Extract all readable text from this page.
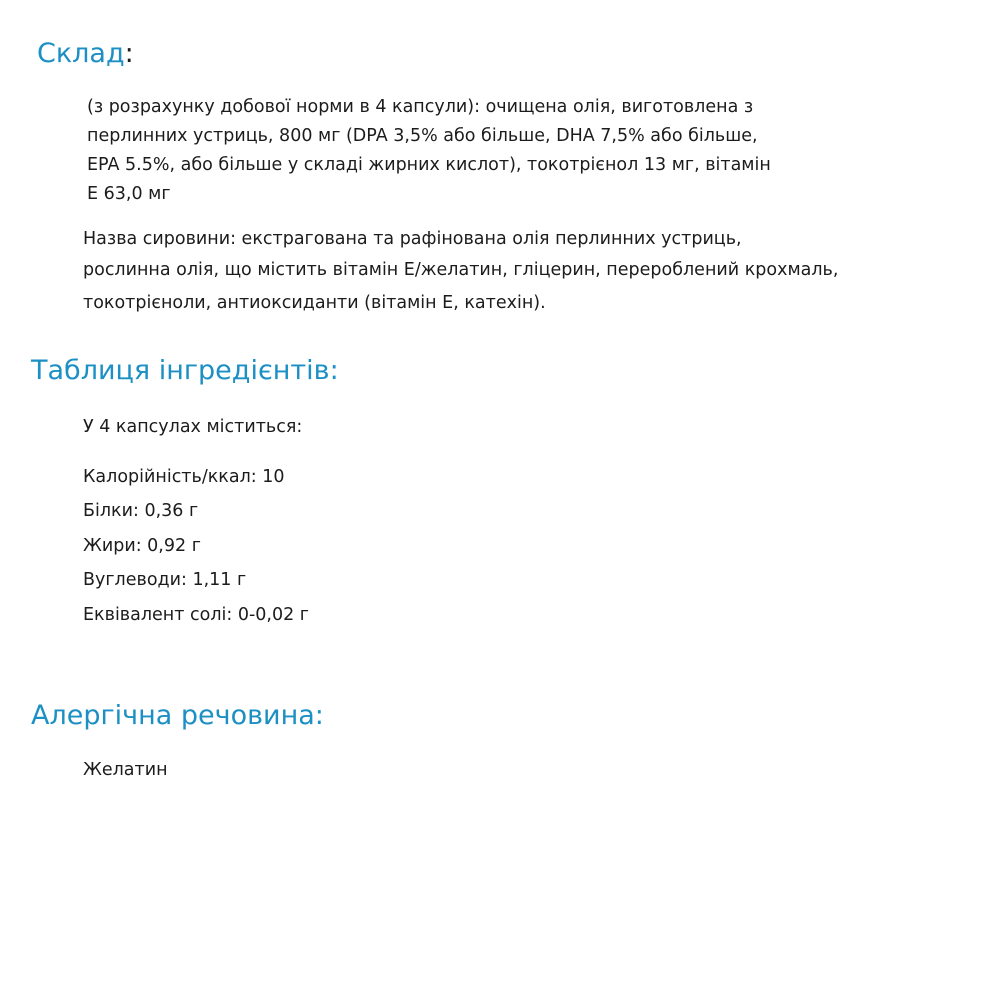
Склад:
(з розрахунку добової норми в 4 капсули): очищена олія, виготовлена з
перлинних устриць, 800 мг (DPA 3,5% або більше, DHA 7,5% або більше,
EPA 5.5%, або більше у складі жирних кислот), токотрієнол 13 мг, вітамін
E 63,0 мг
Назва сировини: екстрагована та рафінована олія перлинних устриць,
рослинна олія, що містить вітамін E/желатин, гліцерин, перероблений крохмаль,
токотрієноли, антиоксиданти (вітамін E, катехін).
Таблиця інгредієнтів:
У 4 капсулах міститься:
Калорійність/ккал: 10
Білки: 0,36 г
Жири: 0,92 г
Вуглеводи: 1,11 г
Еквівалент солі: 0-0,02 г
Алергічна речовина:
Желатин
